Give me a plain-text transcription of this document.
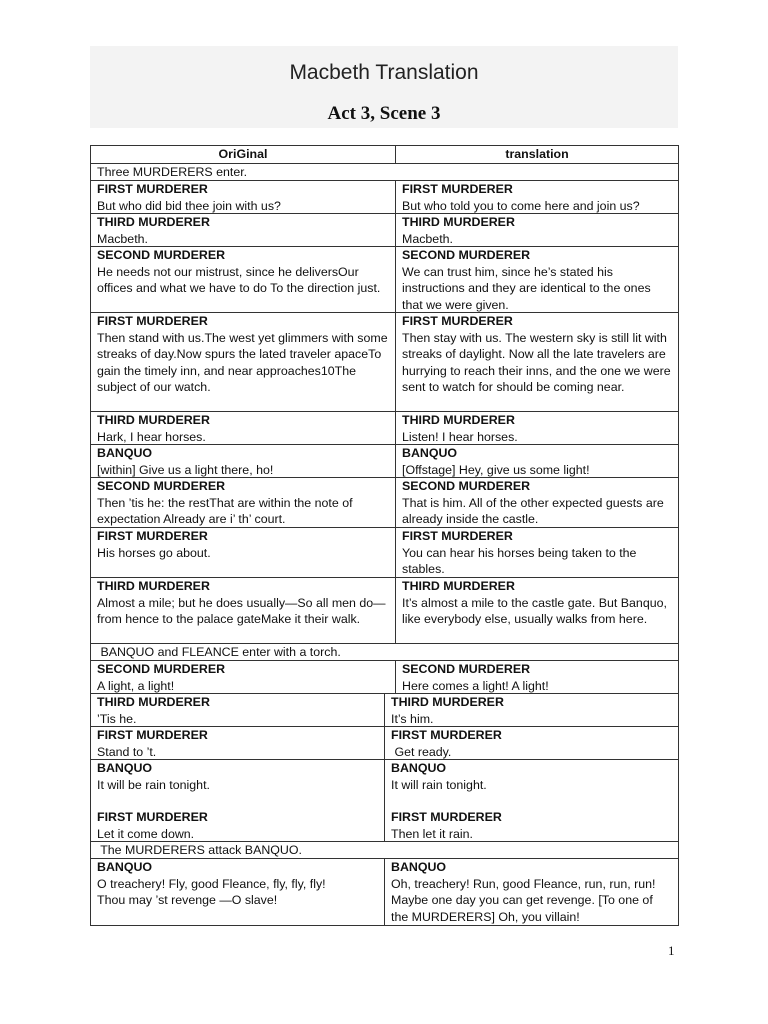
Macbeth Translation
Act 3, Scene 3
OriGinal	translation
Three MURDERERS enter.
FIRST MURDERER
But who did bid thee join with us?
FIRST MURDERER
But who told you to come here and join us?
THIRD MURDERER
Macbeth.
THIRD MURDERER
Macbeth.
SECOND MURDERER
He needs not our mistrust, since he deliversOur offices and what we have to do To the direction just.
SECOND MURDERER
We can trust him, since he’s stated his instructions and they are identical to the ones that we were given.
FIRST MURDERER
Then stand with us.The west yet glimmers with some streaks of day.Now spurs the lated traveler apaceTo gain the timely inn, and near approaches10The subject of our watch.
FIRST MURDERER
Then stay with us. The western sky is still lit with streaks of daylight. Now all the late travelers are hurrying to reach their inns, and the one we were sent to watch for should be coming near.
THIRD MURDERER
Hark, I hear horses.
THIRD MURDERER
Listen! I hear horses.
BANQUO
[within] Give us a light there, ho!
BANQUO
[Offstage] Hey, give us some light!
SECOND MURDERER
Then ’tis he: the restThat are within the note of expectation Already are i’ th’ court.
SECOND MURDERER
That is him. All of the other expected guests are already inside the castle.
FIRST MURDERER
His horses go about.
FIRST MURDERER
You can hear his horses being taken to the stables.
THIRD MURDERER
Almost a mile; but he does usually—So all men do—from hence to the palace gateMake it their walk.
THIRD MURDERER
It’s almost a mile to the castle gate. But Banquo, like everybody else, usually walks from here.
BANQUO and FLEANCE enter with a torch.
SECOND MURDERER
A light, a light!
SECOND MURDERER
Here comes a light! A light!
THIRD MURDERER
’Tis he.
THIRD MURDERER
It’s him.
FIRST MURDERER
Stand to ’t.
FIRST MURDERER
Get ready.
BANQUO
It will be rain tonight.
FIRST MURDERER
Let it come down.
BANQUO
It will rain tonight.
FIRST MURDERER
Then let it rain.
The MURDERERS attack BANQUO.
BANQUO
O treachery! Fly, good Fleance, fly, fly, fly!
Thou may ’st revenge —O slave!
BANQUO
Oh, treachery! Run, good Fleance, run, run, run! Maybe one day you can get revenge. [To one of the MURDERERS] Oh, you villain!
1
